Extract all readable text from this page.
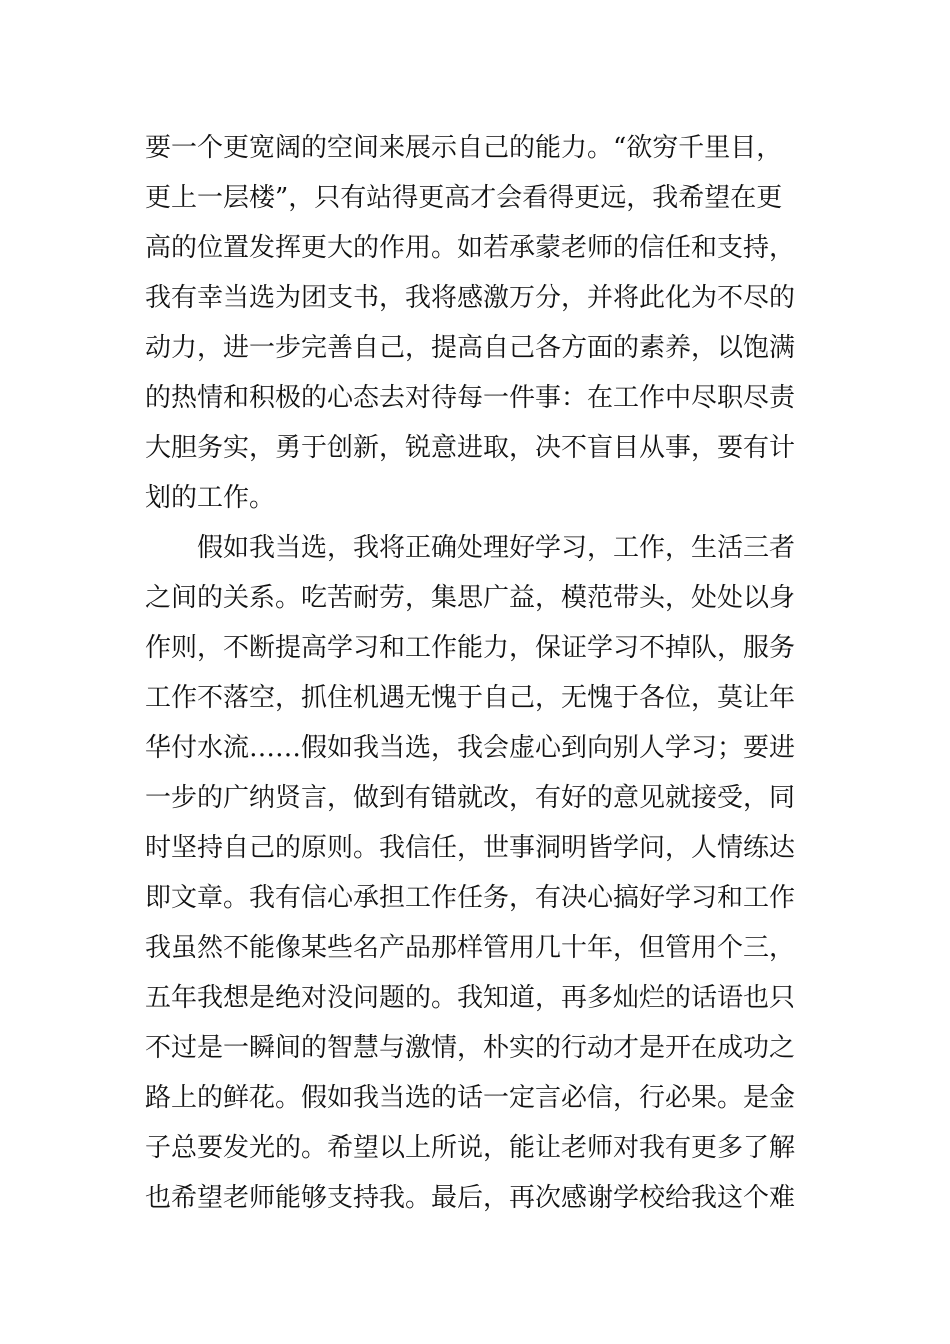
要一个更宽阔的空间来展示自己的能力。“欲穷千里目，
更上一层楼”，只有站得更高才会看得更远，我希望在更
高的位置发挥更大的作用。如若承蒙老师的信任和支持，
我有幸当选为团支书，我将感激万分，并将此化为不尽的
动力，进一步完善自己，提高自己各方面的素养，以饱满
的热情和积极的心态去对待每一件事：在工作中尽职尽责
大胆务实，勇于创新，锐意进取，决不盲目从事，要有计
划的工作。
　　假如我当选，我将正确处理好学习，工作，生活三者
之间的关系。吃苦耐劳，集思广益，模范带头，处处以身
作则，不断提高学习和工作能力，保证学习不掉队，服务
工作不落空，抓住机遇无愧于自己，无愧于各位，莫让年
华付水流……假如我当选，我会虚心到向别人学习；要进
一步的广纳贤言，做到有错就改，有好的意见就接受，同
时坚持自己的原则。我信任，世事洞明皆学问，人情练达
即文章。我有信心承担工作任务，有决心搞好学习和工作
我虽然不能像某些名产品那样管用几十年，但管用个三，
五年我想是绝对没问题的。我知道，再多灿烂的话语也只
不过是一瞬间的智慧与激情，朴实的行动才是开在成功之
路上的鲜花。假如我当选的话一定言必信，行必果。是金
子总要发光的。希望以上所说，能让老师对我有更多了解
也希望老师能够支持我。最后，再次感谢学校给我这个难
